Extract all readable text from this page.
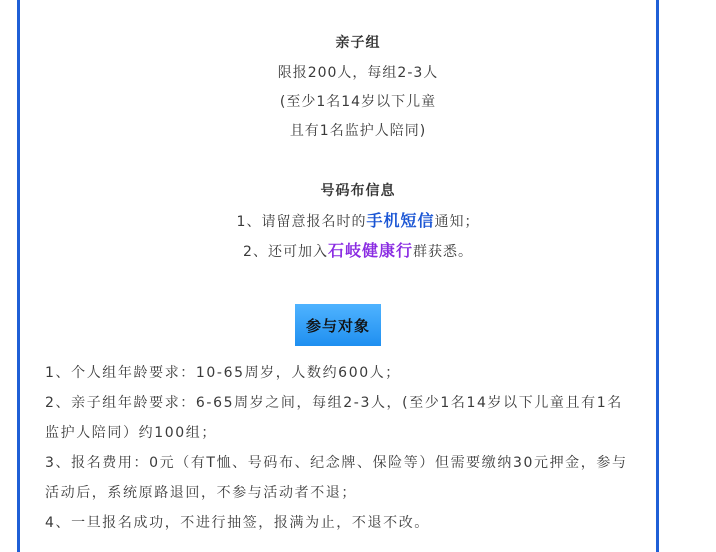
亲子组
限报200人，每组2-3人
(至少1名14岁以下儿童
且有1名监护人陪同)
号码布信息
1、请留意报名时的手机短信通知；
2、还可加入石岐健康行群获悉。
参与对象
1、个人组年龄要求：10-65周岁，人数约600人；
2、亲子组年龄要求：6-65周岁之间，每组2-3人，(至少1名14岁以下儿童且有1名监护人陪同）约100组；
3、报名费用：0元（有T恤、号码布、纪念牌、保险等）但需要缴纳30元押金，参与活动后，系统原路退回，不参与活动者不退；
4、一旦报名成功，不进行抽签，报满为止，不退不改。
